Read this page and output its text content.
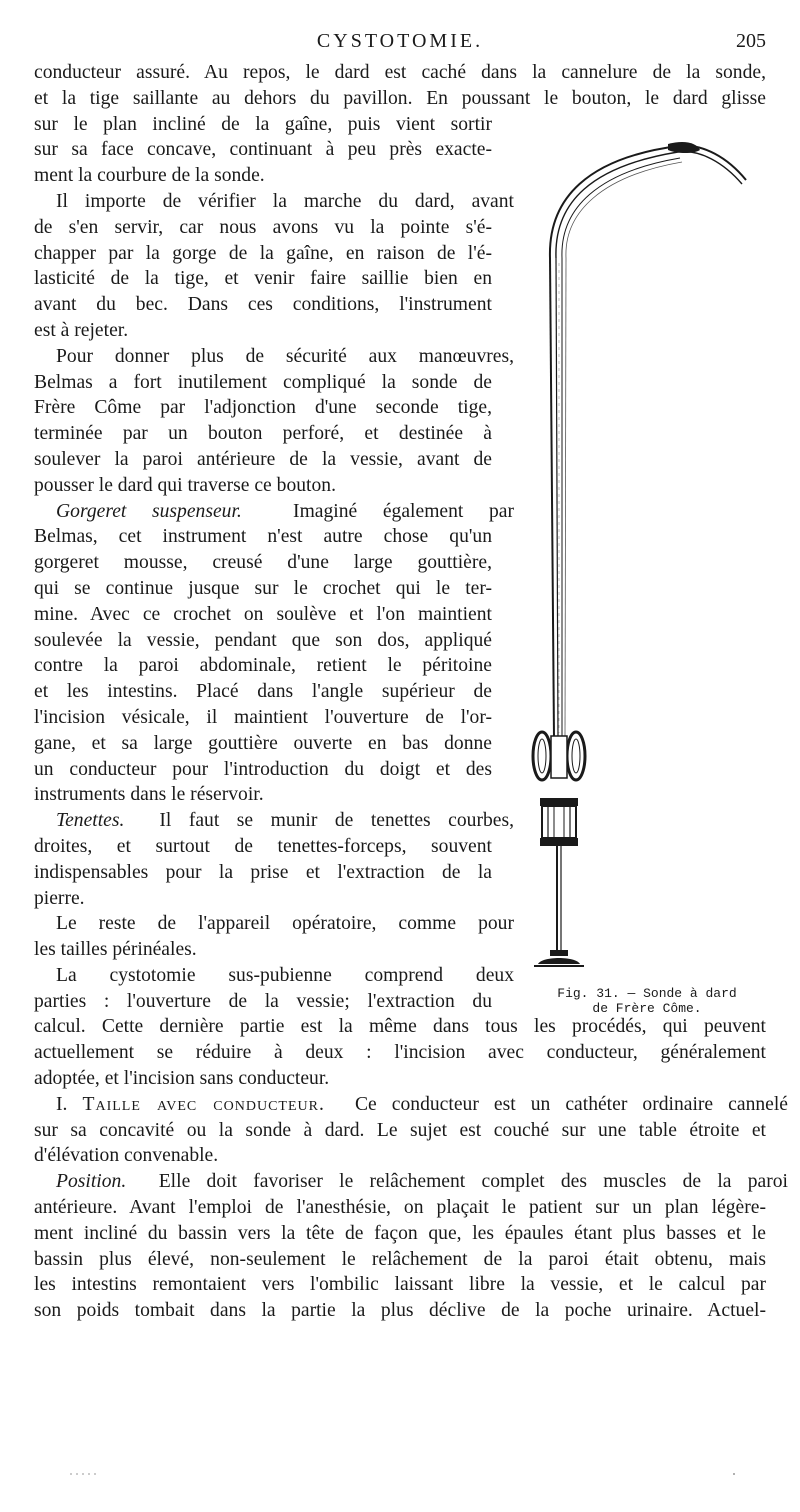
CYSTOTOMIE.	205
conducteur assuré. Au repos, le dard est caché dans la cannelure de la sonde,
et la tige saillante au dehors du pavillon. En poussant le bouton, le dard glisse
sur le plan incliné de la gaîne, puis vient sortir
sur sa face concave, continuant à peu près exacte-
ment la courbure de la sonde.
Il importe de vérifier la marche du dard, avant
de s'en servir, car nous avons vu la pointe s'é-
chapper par la gorge de la gaîne, en raison de l'é-
lasticité de la tige, et venir faire saillie bien en
avant du bec. Dans ces conditions, l'instrument
est à rejeter.
Pour donner plus de sécurité aux manœuvres,
Belmas a fort inutilement compliqué la sonde de
Frère Côme par l'adjonction d'une seconde tige,
terminée par un bouton perforé, et destinée à
soulever la paroi antérieure de la vessie, avant de
pousser le dard qui traverse ce bouton.
Gorgeret suspenseur.	Imaginé également par
Belmas, cet instrument n'est autre chose qu'un
gorgeret mousse, creusé d'une large gouttière,
qui se continue jusque sur le crochet qui le ter-
mine. Avec ce crochet on soulève et l'on maintient
soulevée la vessie, pendant que son dos, appliqué
contre la paroi abdominale, retient le péritoine
et les intestins. Placé dans l'angle supérieur de
l'incision vésicale, il maintient l'ouverture de l'or-
gane, et sa large gouttière ouverte en bas donne
un conducteur pour l'introduction du doigt et des
instruments dans le réservoir.
Tenettes. Il faut se munir de tenettes courbes,
droites, et surtout de tenettes-forceps, souvent
indispensables pour la prise et l'extraction de la
pierre.
Le reste de l'appareil opératoire, comme pour
les tailles périnéales.
La cystotomie sus-pubienne comprend deux
parties : l'ouverture de la vessie; l'extraction du
calcul. Cette dernière partie est la même dans tous les procédés, qui peuvent
actuellement se réduire à deux : l'incision avec conducteur, généralement
adoptée, et l'incision sans conducteur.
I. Taille avec conducteur. Ce conducteur est un cathéter ordinaire cannelé
sur sa concavité ou la sonde à dard. Le sujet est couché sur une table étroite et
d'élévation convenable.
Position. Elle doit favoriser le relâchement complet des muscles de la paroi
antérieure. Avant l'emploi de l'anesthésie, on plaçait le patient sur un plan légère-
ment incliné du bassin vers la tête de façon que, les épaules étant plus basses et le
bassin plus élevé, non-seulement le relâchement de la paroi était obtenu, mais
les intestins remontaient vers l'ombilic laissant libre la vessie, et le calcul par
son poids tombait dans la partie la plus déclive de la poche urinaire. Actuel-
Fig. 31. — Sonde à dard
de Frère Côme.
